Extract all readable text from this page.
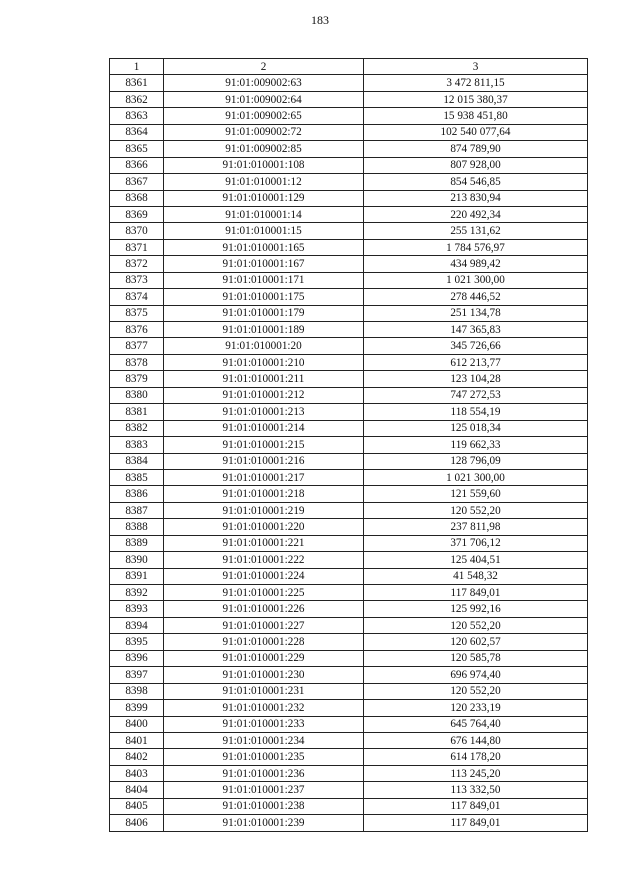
183
1	2	3
8361	91:01:009002:63	3 472 811,15
8362	91:01:009002:64	12 015 380,37
8363	91:01:009002:65	15 938 451,80
8364	91:01:009002:72	102 540 077,64
8365	91:01:009002:85	874 789,90
8366	91:01:010001:108	807 928,00
8367	91:01:010001:12	854 546,85
8368	91:01:010001:129	213 830,94
8369	91:01:010001:14	220 492,34
8370	91:01:010001:15	255 131,62
8371	91:01:010001:165	1 784 576,97
8372	91:01:010001:167	434 989,42
8373	91:01:010001:171	1 021 300,00
8374	91:01:010001:175	278 446,52
8375	91:01:010001:179	251 134,78
8376	91:01:010001:189	147 365,83
8377	91:01:010001:20	345 726,66
8378	91:01:010001:210	612 213,77
8379	91:01:010001:211	123 104,28
8380	91:01:010001:212	747 272,53
8381	91:01:010001:213	118 554,19
8382	91:01:010001:214	125 018,34
8383	91:01:010001:215	119 662,33
8384	91:01:010001:216	128 796,09
8385	91:01:010001:217	1 021 300,00
8386	91:01:010001:218	121 559,60
8387	91:01:010001:219	120 552,20
8388	91:01:010001:220	237 811,98
8389	91:01:010001:221	371 706,12
8390	91:01:010001:222	125 404,51
8391	91:01:010001:224	41 548,32
8392	91:01:010001:225	117 849,01
8393	91:01:010001:226	125 992,16
8394	91:01:010001:227	120 552,20
8395	91:01:010001:228	120 602,57
8396	91:01:010001:229	120 585,78
8397	91:01:010001:230	696 974,40
8398	91:01:010001:231	120 552,20
8399	91:01:010001:232	120 233,19
8400	91:01:010001:233	645 764,40
8401	91:01:010001:234	676 144,80
8402	91:01:010001:235	614 178,20
8403	91:01:010001:236	113 245,20
8404	91:01:010001:237	113 332,50
8405	91:01:010001:238	117 849,01
8406	91:01:010001:239	117 849,01
